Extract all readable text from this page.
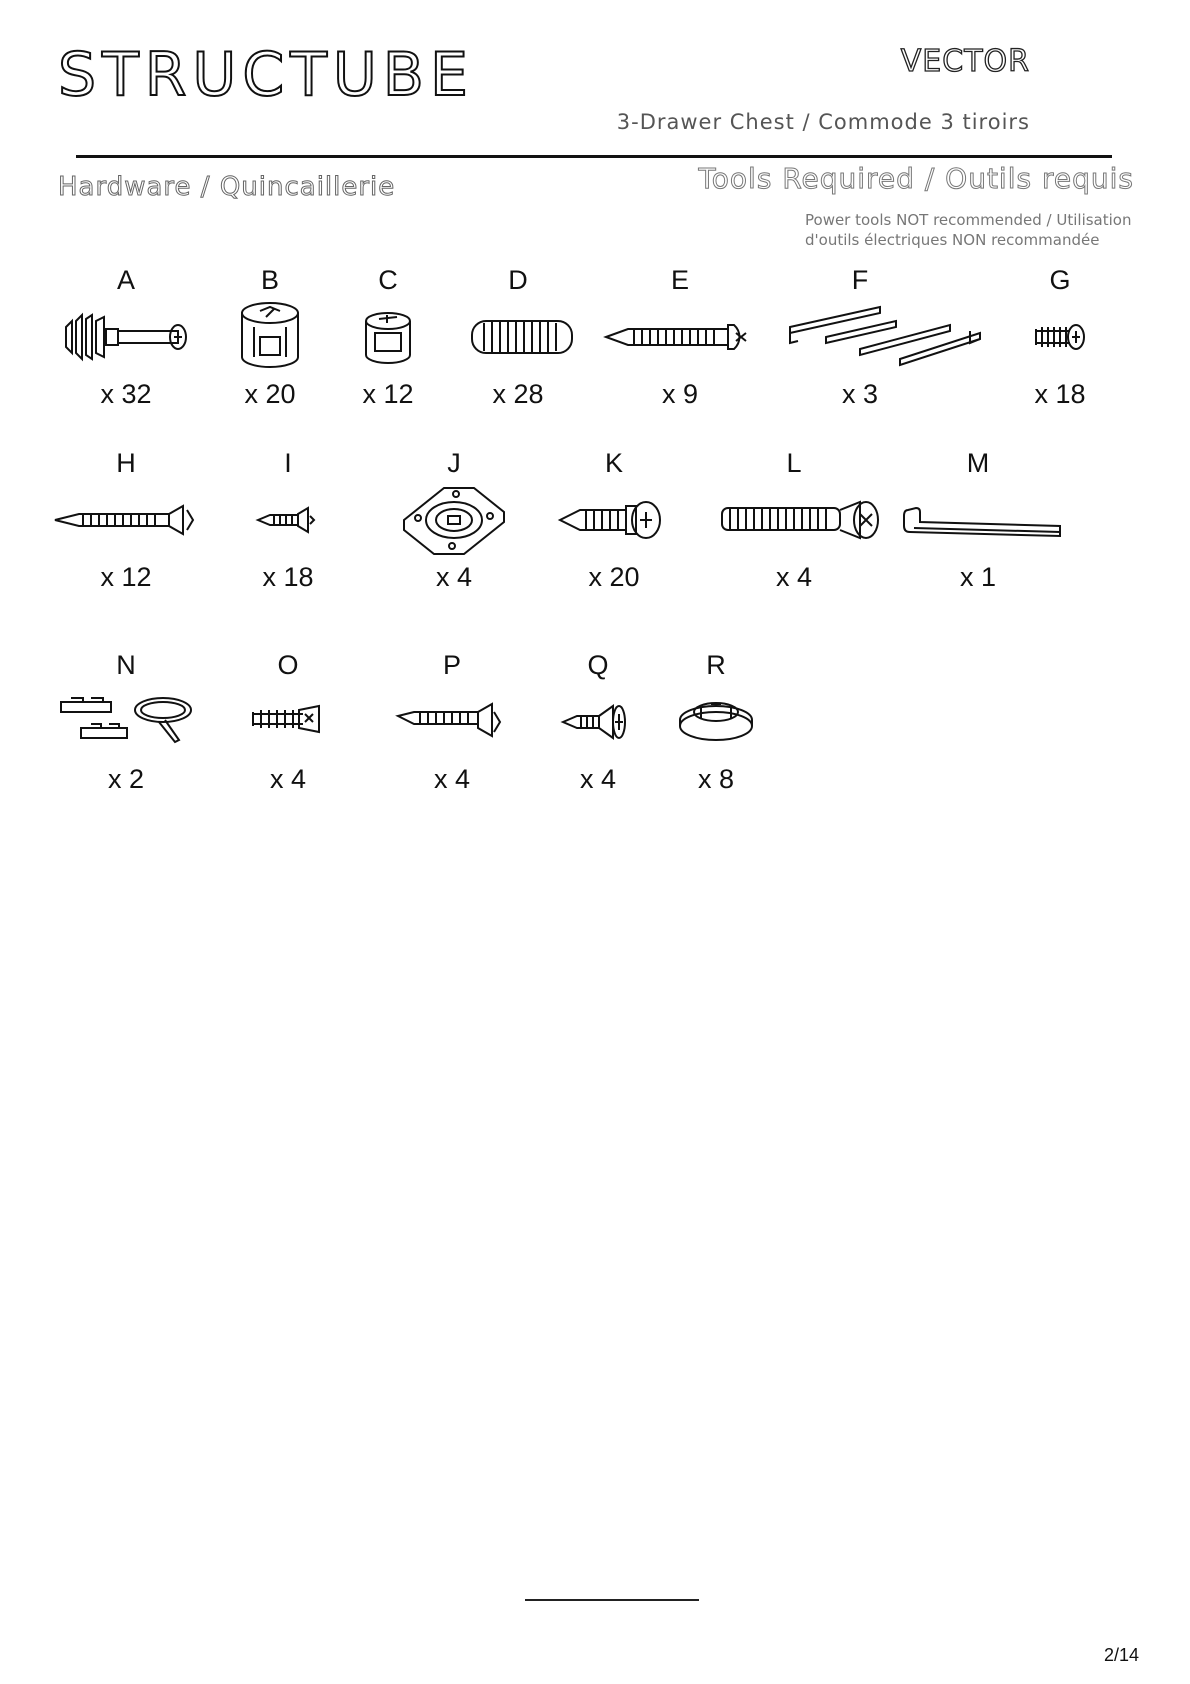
STRUCTUBE	VECTOR
3-Drawer Chest / Commode 3 tiroirs
Hardware / Quincaillerie	Tools Required / Outils requis
Power tools NOT recommended / Utilisation d'outils électriques NON recommandée
A
x 32
B
x 20
C
x 12
D
x 28
E
x 9
F
x 3
G
x 18
H
x 12
I
x 18
J
x 4
K
x 20
L
x 4
M
x 1
N
x 2
O
x 4
P
x 4
Q
x 4
R
x 8
2/14
